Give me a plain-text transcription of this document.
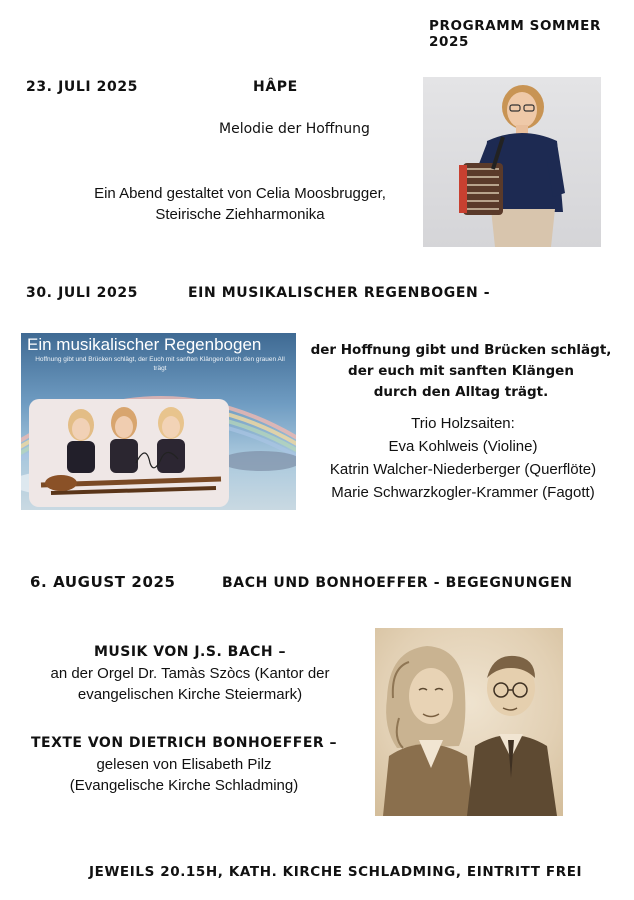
PROGRAMM SOMMER 2025
23. JULI 2025	HÂPE
Melodie der Hoffnung
Ein Abend gestaltet von Celia Moosbrugger,
Steirische Ziehharmonika
30. JULI 2025	EIN MUSIKALISCHER REGENBOGEN -
Ein musikalischer Regenbogen
Hoffnung gibt und Brücken schlägt, der Euch mit sanften Klängen durch den grauen All
trägt
der Hoffnung gibt und Brücken schlägt,
der euch mit sanften Klängen
durch den Alltag trägt.
Trio Holzsaiten:
Eva Kohlweis (Violine)
Katrin Walcher-Niederberger (Querflöte)
Marie Schwarzkogler-Krammer (Fagott)
6. AUGUST 2025	BACH UND BONHOEFFER - BEGEGNUNGEN
MUSIK VON J.S. BACH –
an der Orgel Dr. Tamàs Szòcs (Kantor der
evangelischen Kirche Steiermark)
TEXTE VON DIETRICH BONHOEFFER –
gelesen von Elisabeth Pilz
(Evangelische Kirche Schladming)
JEWEILS 20.15H, KATH. KIRCHE SCHLADMING, EINTRITT FREI
